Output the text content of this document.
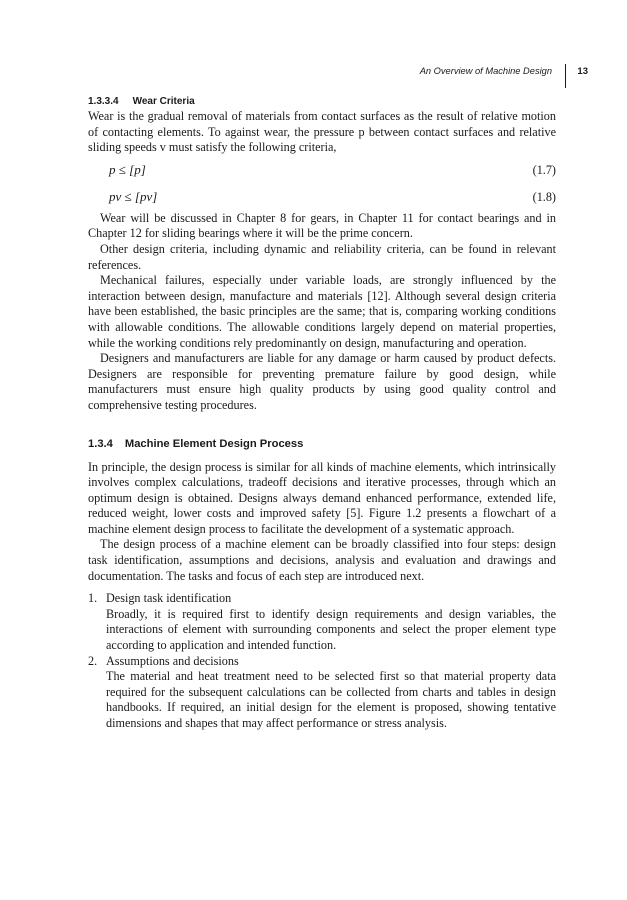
An Overview of Machine Design	13
1.3.3.4 Wear Criteria

Wear is the gradual removal of materials from contact surfaces as the result of relative motion of contacting elements. To against wear, the pressure p between contact surfaces and relative sliding speeds v must satisfy the following criteria,

p ≤ [p]	(1.7)
pv ≤ [pv]	(1.8)

Wear will be discussed in Chapter 8 for gears, in Chapter 11 for contact bearings and in Chapter 12 for sliding bearings where it will be the prime concern.

Other design criteria, including dynamic and reliability criteria, can be found in relevant references.

Mechanical failures, especially under variable loads, are strongly influenced by the interaction between design, manufacture and materials [12]. Although several design criteria have been established, the basic principles are the same; that is, comparing working conditions with allowable conditions. The allowable conditions largely depend on material properties, while the working conditions rely predominantly on design, manufacturing and operation.

Designers and manufacturers are liable for any damage or harm caused by product defects. Designers are responsible for preventing premature failure by good design, while manufacturers must ensure high quality products by using good quality control and comprehensive testing procedures.

1.3.4 Machine Element Design Process

In principle, the design process is similar for all kinds of machine elements, which intrinsically involves complex calculations, tradeoff decisions and iterative processes, through which an optimum design is obtained. Designs always demand enhanced performance, extended life, reduced weight, lower costs and improved safety [5]. Figure 1.2 presents a flowchart of a machine element design process to facilitate the development of a systematic approach.

The design process of a machine element can be broadly classified into four steps: design task identification, assumptions and decisions, analysis and evaluation and drawings and documentation. The tasks and focus of each step are introduced next.

1. Design task identification
Broadly, it is required first to identify design requirements and design variables, the interactions of element with surrounding components and select the proper element type according to application and intended function.
2. Assumptions and decisions
The material and heat treatment need to be selected first so that material property data required for the subsequent calculations can be collected from charts and tables in design handbooks. If required, an initial design for the element is proposed, showing tentative dimensions and shapes that may affect performance or stress analysis.
